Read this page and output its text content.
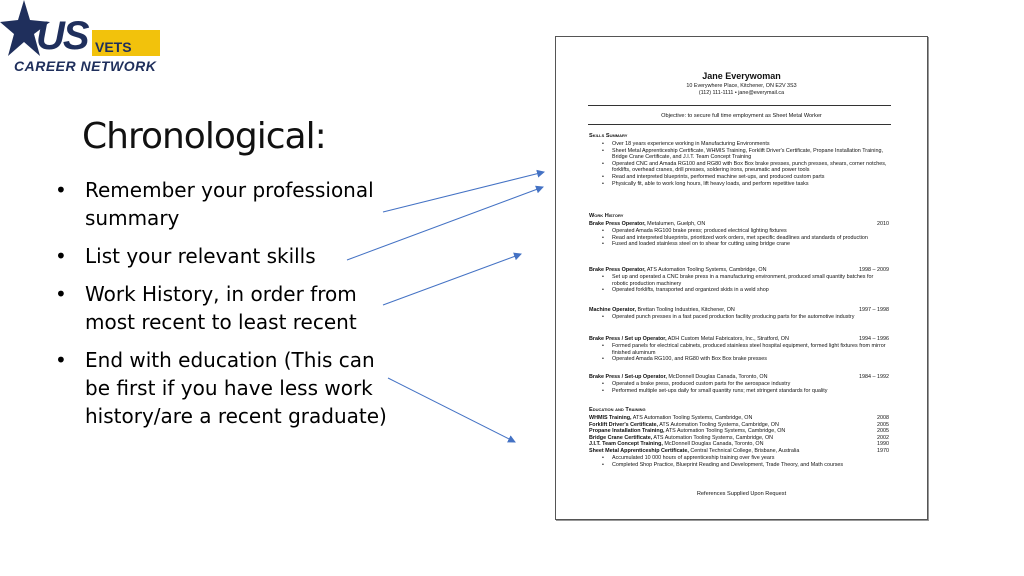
US VETS
CAREER NETWORK
Chronological:
• Remember your professional summary
• List your relevant skills
• Work History, in order from most recent to least recent
• End with education (This can be first if you have less work history/are a recent graduate)
Jane Everywoman
10 Everywhere Place, Kitchener, ON E2V 3S3
(112) 111-1111 • jane@everymail.ca
Objective: to secure full time employment as Sheet Metal Worker
Skills Summary
• Over 18 years experience working in Manufacturing Environments
• Sheet Metal Apprenticeship Certificate, WHMIS Training, Forklift Driver's Certificate, Propane Installation Training, Bridge Crane Certificate, and J.I.T. Team Concept Training
• Operated CNC and Amada RG100 and RG80 with Box Box brake presses, punch presses, shears, corner notches, forklifts, overhead cranes, drill presses, soldering irons, pneumatic and power tools
• Read and interpreted blueprints, performed machine set-ups, and produced custom parts
• Physically fit, able to work long hours, lift heavy loads, and perform repetitive tasks
Work History
Brake Press Operator, Metalumen, Guelph, ON	2010
• Operated Amada RG100 brake press; produced electrical lighting fixtures
• Read and interpreted blueprints, prioritized work orders, met specific deadlines and standards of production
• Fused and loaded stainless steel on to shear for cutting using bridge crane
Brake Press Operator, ATS Automation Tooling Systems, Cambridge, ON	1998 – 2009
• Set up and operated a CNC brake press in a manufacturing environment, produced small quantity batches for robotic production machinery
• Operated forklifts, transported and organized skids in a weld shop
Machine Operator, Brettan Tooling Industries, Kitchener, ON	1997 – 1998
• Operated punch presses in a fast paced production facility producing parts for the automotive industry
Brake Press / Set up Operator, ADH Custom Metal Fabricators, Inc., Stratford, ON	1994 – 1996
• Formed panels for electrical cabinets, produced stainless steel hospital equipment, formed light fixtures from mirror finished aluminum
• Operated Amada RG100, and RG80 with Box Box brake presses
Brake Press / Set-up Operator, McDonnell Douglas Canada, Toronto, ON	1984 – 1992
• Operated a brake press, produced custom parts for the aerospace industry
• Performed multiple set-ups daily for small quantity runs; met stringent standards for quality
Education and Training
WHMIS Training, ATS Automation Tooling Systems, Cambridge, ON	2008
Forklift Driver's Certificate, ATS Automation Tooling Systems, Cambridge, ON	2005
Propane Installation Training, ATS Automation Tooling Systems, Cambridge, ON	2005
Bridge Crane Certificate, ATS Automation Tooling Systems, Cambridge, ON	2002
J.I.T. Team Concept Training, McDonnell Douglas Canada, Toronto, ON	1990
Sheet Metal Apprenticeship Certificate, Central Technical College, Brisbane, Australia	1970
• Accumulated 10 000 hours of apprenticeship training over five years
• Completed Shop Practice, Blueprint Reading and Development, Trade Theory, and Math courses
References Supplied Upon Request
